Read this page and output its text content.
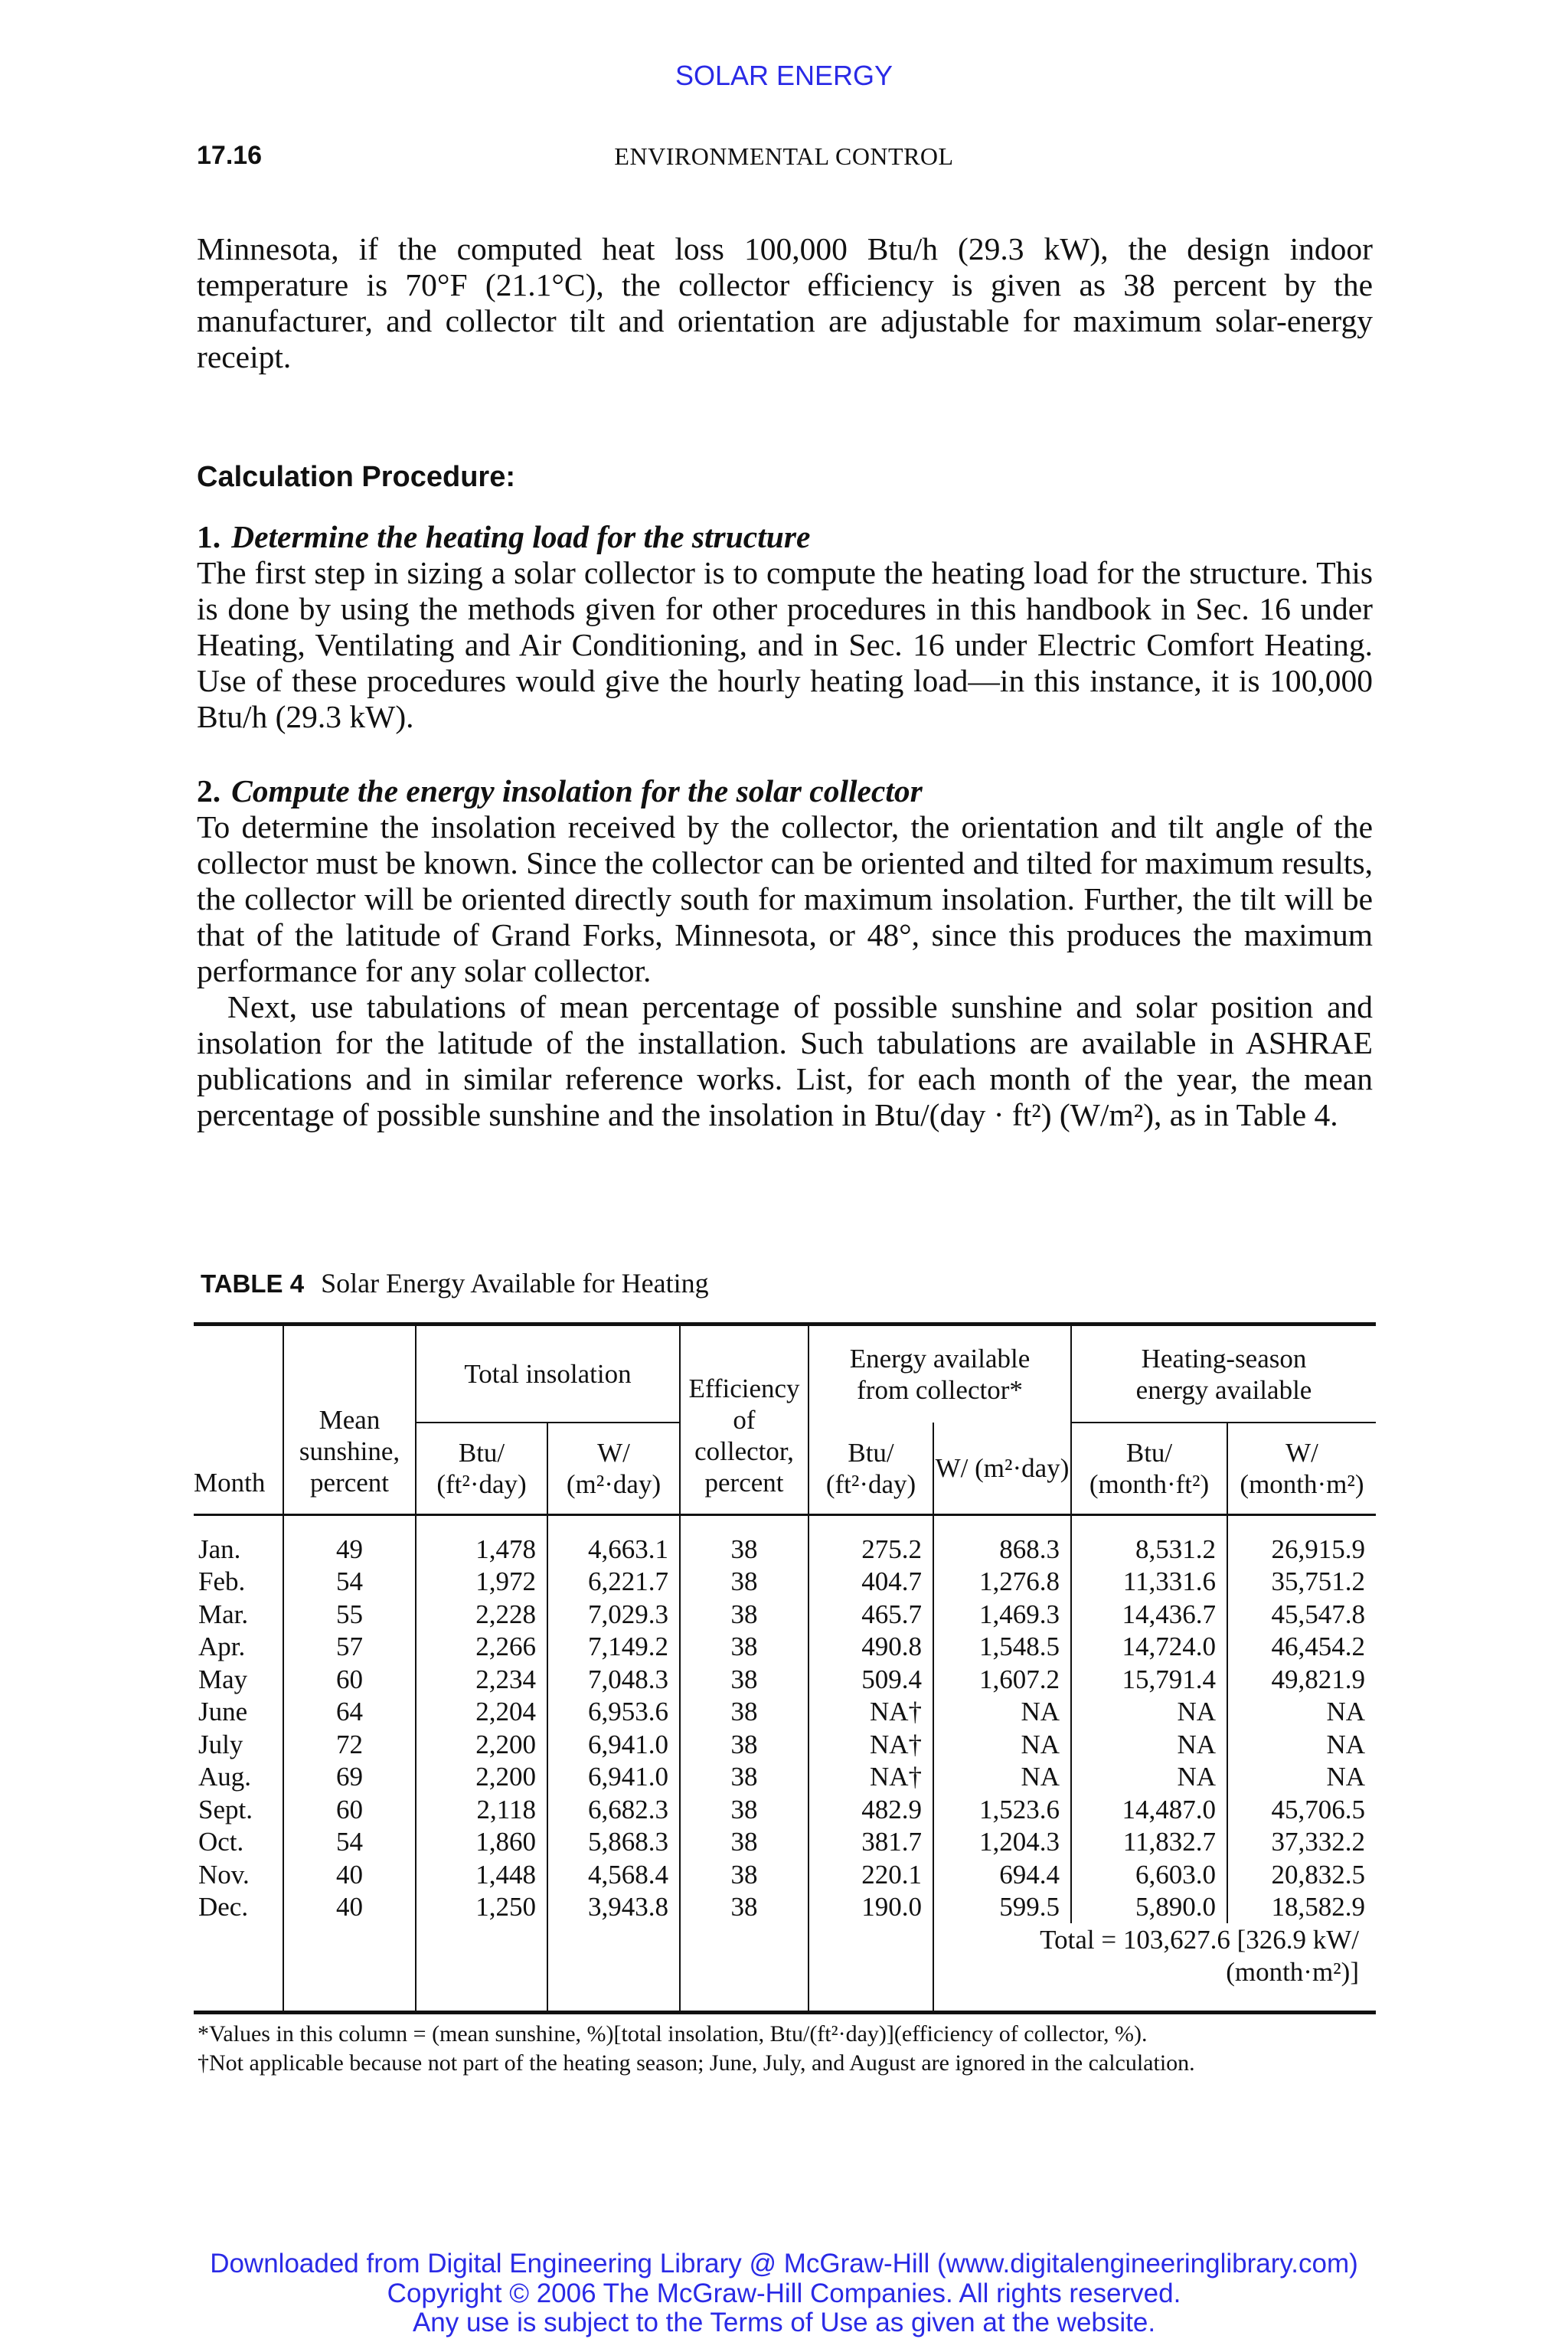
SOLAR ENERGY
17.16	ENVIRONMENTAL CONTROL

Minnesota, if the computed heat loss 100,000 Btu/h (29.3 kW), the design indoor temperature is 70°F (21.1°C), the collector efficiency is given as 38 percent by the manufacturer, and collector tilt and orientation are adjustable for maximum solar-energy receipt.

Calculation Procedure:
1. Determine the heating load for the structure

The first step in sizing a solar collector is to compute the heating load for the structure. This is done by using the methods given for other procedures in this handbook in Sec. 16 under Heating, Ventilating and Air Conditioning, and in Sec. 16 under Electric Comfort Heating. Use of these procedures would give the hourly heating load—in this instance, it is 100,000 Btu/h (29.3 kW).

2. Compute the energy insolation for the solar collector

To determine the insolation received by the collector, the orientation and tilt angle of the collector must be known. Since the collector can be oriented and tilted for maximum results, the collector will be oriented directly south for maximum insolation. Further, the tilt will be that of the latitude of Grand Forks, Minnesota, or 48°, since this produces the maximum performance for any solar collector.

Next, use tabulations of mean percentage of possible sunshine and solar position and insolation for the latitude of the installation. Such tabulations are available in ASHRAE publications and in similar reference works. List, for each month of the year, the mean percentage of possible sunshine and the insolation in Btu/(day · ft²) (W/m²), as in Table 4.

TABLE 4 Solar Energy Available for Heating
Month	Mean sunshine, percent	Total insolation		Efficiency of collector, percent	Energy available from collector*		Heating-season energy available	
		Btu/ (ft²·day)	W/ (m²·day)		Btu/ (ft²·day)	W/ (m²·day)	Btu/ (month·ft²)	W/ (month·m²)
Jan.	49	1,478	4,663.1	38	275.2	868.3	8,531.2	26,915.9
Feb.	54	1,972	6,221.7	38	404.7	1,276.8	11,331.6	35,751.2
Mar.	55	2,228	7,029.3	38	465.7	1,469.3	14,436.7	45,547.8
Apr.	57	2,266	7,149.2	38	490.8	1,548.5	14,724.0	46,454.2
May	60	2,234	7,048.3	38	509.4	1,607.2	15,791.4	49,821.9
June	64	2,204	6,953.6	38	NA†	NA	NA	NA
July	72	2,200	6,941.0	38	NA†	NA	NA	NA
Aug.	69	2,200	6,941.0	38	NA†	NA	NA	NA
Sept.	60	2,118	6,682.3	38	482.9	1,523.6	14,487.0	45,706.5
Oct.	54	1,860	5,868.3	38	381.7	1,204.3	11,832.7	37,332.2
Nov.	40	1,448	4,568.4	38	220.1	694.4	6,603.0	20,832.5
Dec.	40	1,250	3,943.8	38	190.0	599.5	5,890.0	18,582.9
						Total = 103,627.6 [326.9 kW/		
						(month·m²)]		
*Values in this column = (mean sunshine, %)[total insolation, Btu/(ft²·day)](efficiency of collector, %).
†Not applicable because not part of the heating season; June, July, and August are ignored in the calculation.
Downloaded from Digital Engineering Library @ McGraw-Hill (www.digitalengineeringlibrary.com)
Copyright © 2006 The McGraw-Hill Companies. All rights reserved.
Any use is subject to the Terms of Use as given at the website.
